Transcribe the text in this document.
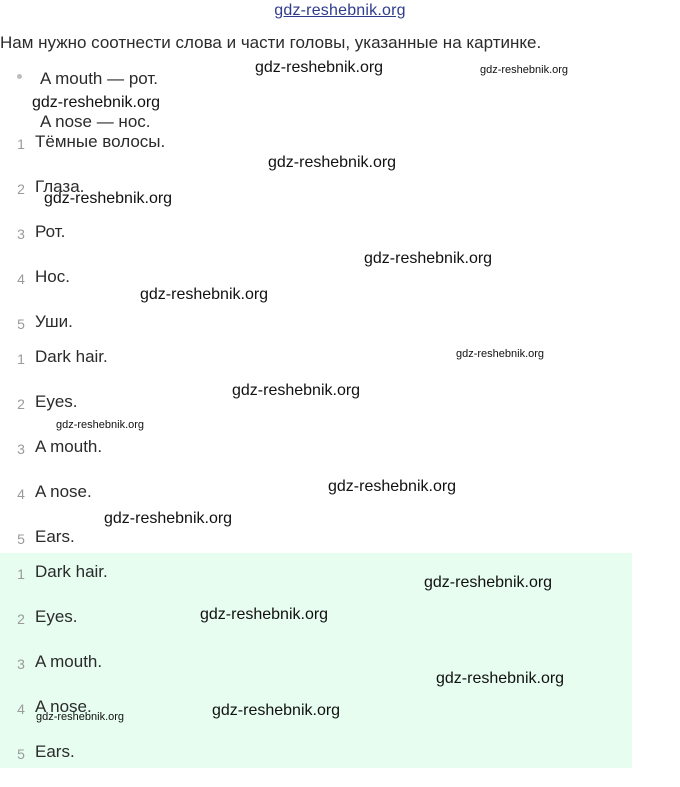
gdz-reshebnik.org
Нам нужно соотнести слова и части головы, указанные на картинке.
A mouth — рот.
A nose — нос.
1 Тёмные волосы.
2 Глаза.
3 Рот.
4 Нос.
5 Уши.
1 Dark hair.
2 Eyes.
3 A mouth.
4 A nose.
5 Ears.
1 Dark hair.
2 Eyes.
3 A mouth.
4 A nose.
5 Ears.
gdz-reshebnik.org	gdz-reshebnik.org
gdz-reshebnik.org
gdz-reshebnik.org
gdz-reshebnik.org
gdz-reshebnik.org
gdz-reshebnik.org
gdz-reshebnik.org
gdz-reshebnik.org
gdz-reshebnik.org
gdz-reshebnik.org
gdz-reshebnik.org
gdz-reshebnik.org
gdz-reshebnik.org
gdz-reshebnik.org
gdz-reshebnik.org
gdz-reshebnik.org
